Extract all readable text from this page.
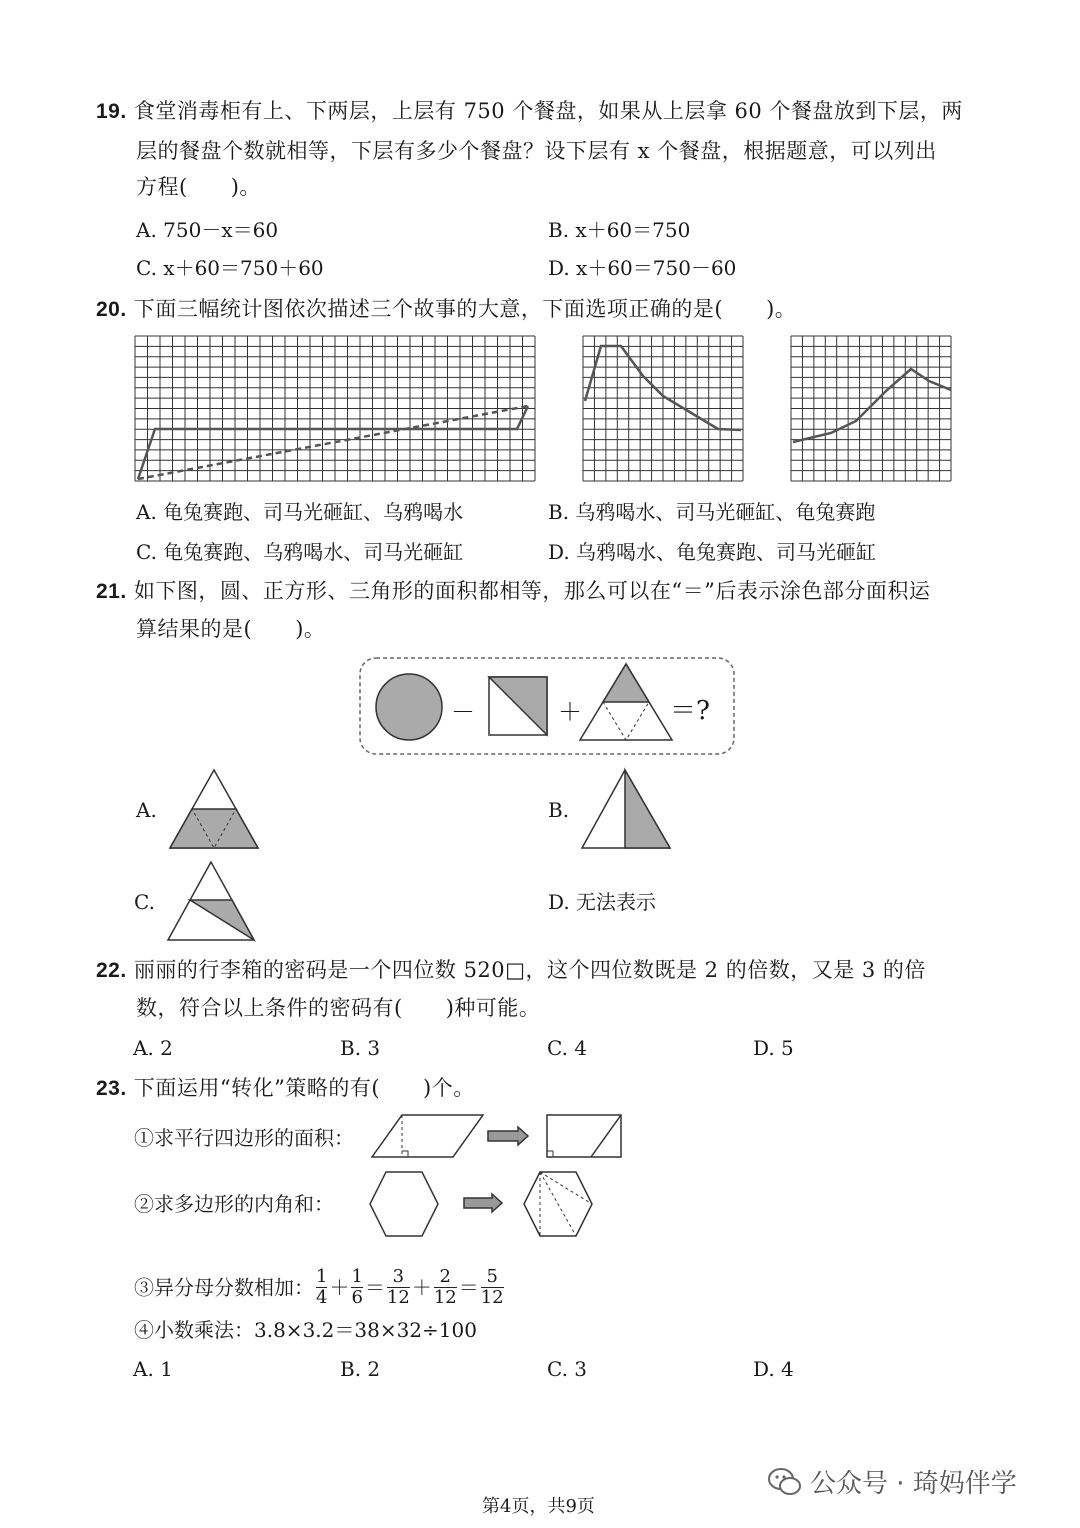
19. 食堂消毒柜有上、下两层，上层有 750 个餐盘，如果从上层拿 60 个餐盘放到下层，两
层的餐盘个数就相等，下层有多少个餐盘？设下层有 x 个餐盘，根据题意，可以列出
方程(　　)。
A. 750－x＝60	B. x＋60＝750
C. x＋60＝750＋60	D. x＋60＝750－60
20. 下面三幅统计图依次描述三个故事的大意，下面选项正确的是(　　)。
A. 龟兔赛跑、司马光砸缸、乌鸦喝水	B. 乌鸦喝水、司马光砸缸、龟兔赛跑
C. 龟兔赛跑、乌鸦喝水、司马光砸缸	D. 乌鸦喝水、龟兔赛跑、司马光砸缸
21. 如下图，圆、正方形、三角形的面积都相等，那么可以在“＝”后表示涂色部分面积运
算结果的是(　　)。
－	＋	＝?
A.	B.
C.	D. 无法表示
22. 丽丽的行李箱的密码是一个四位数 520□，这个四位数既是 2 的倍数，又是 3 的倍
数，符合以上条件的密码有(　　)种可能。
A. 2	B. 3	C. 4	D. 5
23. 下面运用“转化”策略的有(　　)个。
①求平行四边形的面积：
②求多边形的内角和：
③异分母分数相加： $\frac{1}{4} + \frac{1}{6} = \frac{3}{12} + \frac{2}{12} = \frac{5}{12}$
④小数乘法：3.8×3.2＝38×32÷100
A. 1	B. 2	C. 3	D. 4
公众号 · 琦妈伴学
第4页，共9页
